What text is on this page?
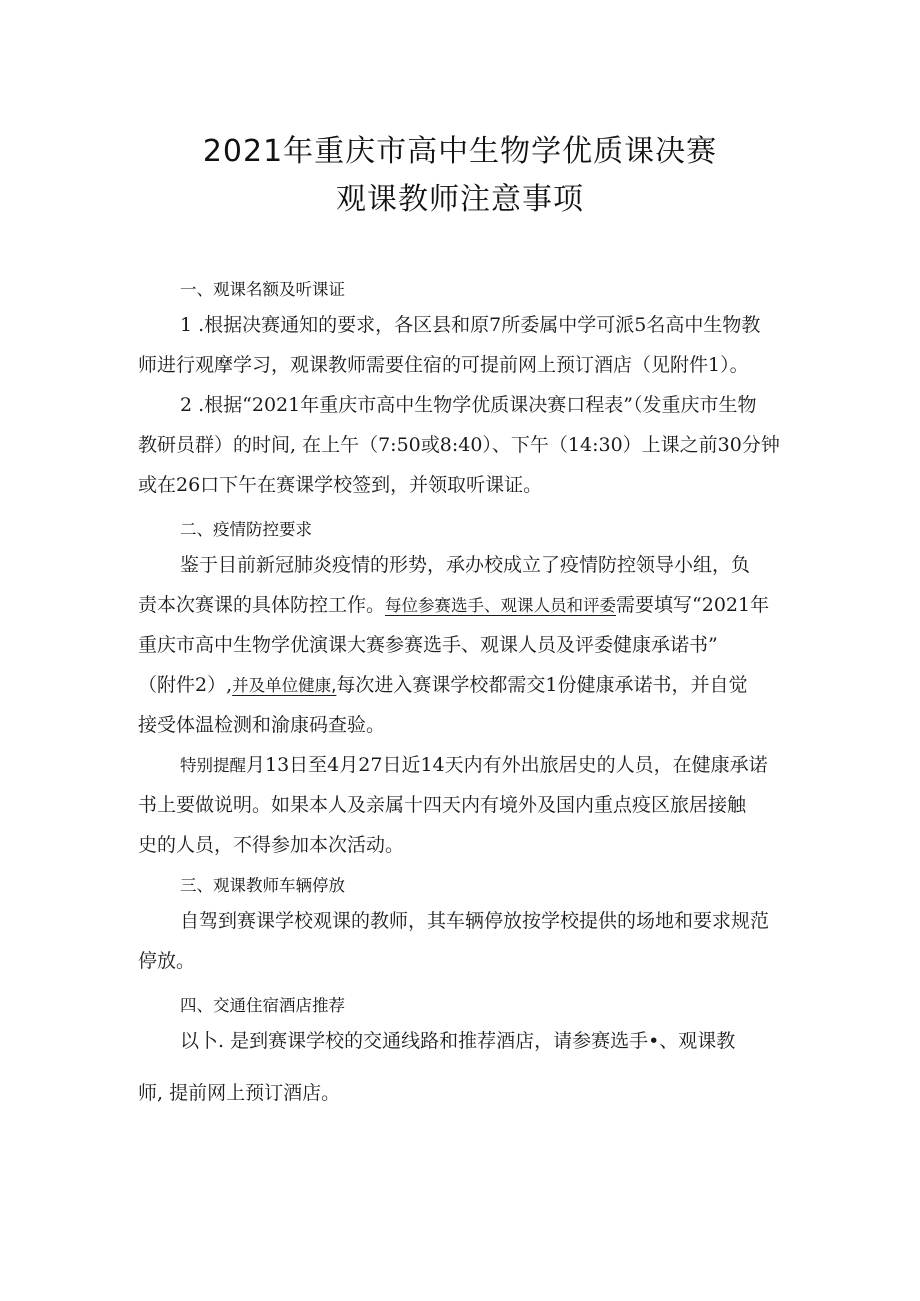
2021年重庆市高中生物学优质课决赛
观课教师注意事项
一、观课名额及听课证
1 .根据决赛通知的要求，各区县和原7所委属中学可派5名高中生物教
师进行观摩学习，观课教师需要住宿的可提前网上预订酒店（见附件1）。
2 .根据“2021年重庆市高中生物学优质课决赛口程表”（发重庆市生物
教研员群）的时间, 在上午（7:50或8:40）、下午（14:30）上课之前30分钟
或在26口下午在赛课学校签到，并领取听课证。
二、疫情防控要求
鉴于目前新冠肺炎疫情的形势，承办校成立了疫情防控领导小组，负
责本次赛课的具体防控工作。每位参赛选手、观课人员和评委需要填写“2021年
重庆市高中生物学优演课大赛参赛选手、观课人员及评委健康承诺书”
（附件2）,并及单位健康,每次进入赛课学校都需交1份健康承诺书，并自觉
接受体温检测和渝康码查验。
特别提醒月13日至4月27日近14天内有外出旅居史的人员，在健康承诺
书上要做说明。如果本人及亲属十四天内有境外及国内重点疫区旅居接触
史的人员，不得参加本次活动。
三、观课教师车辆停放
自驾到赛课学校观课的教师，其车辆停放按学校提供的场地和要求规范
停放。
四、交通住宿酒店推荐
以卜. 是到赛课学校的交通线路和推荐酒店，请参赛选手•、观课教
师, 提前网上预订酒店。
